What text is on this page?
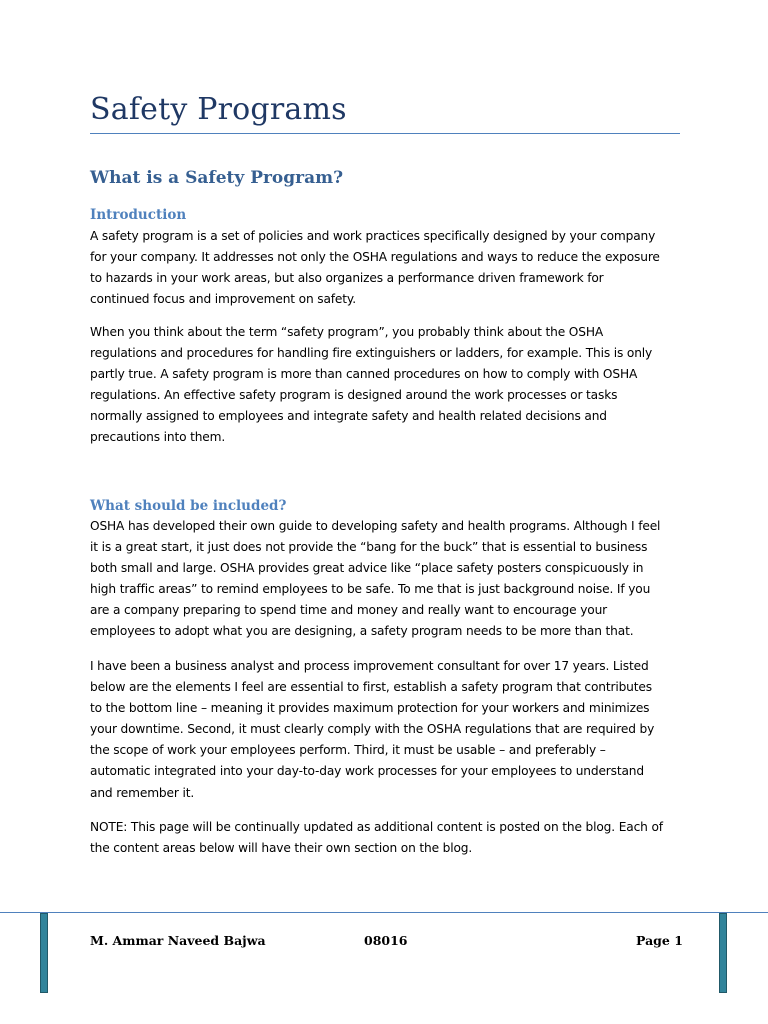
Safety Programs
What is a Safety Program?
Introduction

A safety program is a set of policies and work practices specifically designed by your company
for your company. It addresses not only the OSHA regulations and ways to reduce the exposure
to hazards in your work areas, but also organizes a performance driven framework for
continued focus and improvement on safety.

When you think about the term “safety program”, you probably think about the OSHA
regulations and procedures for handling fire extinguishers or ladders, for example. This is only
partly true. A safety program is more than canned procedures on how to comply with OSHA
regulations. An effective safety program is designed around the work processes or tasks
normally assigned to employees and integrate safety and health related decisions and
precautions into them.

What should be included?

OSHA has developed their own guide to developing safety and health programs. Although I feel
it is a great start, it just does not provide the “bang for the buck” that is essential to business
both small and large. OSHA provides great advice like “place safety posters conspicuously in
high traffic areas” to remind employees to be safe. To me that is just background noise. If you
are a company preparing to spend time and money and really want to encourage your
employees to adopt what you are designing, a safety program needs to be more than that.

I have been a business analyst and process improvement consultant for over 17 years. Listed
below are the elements I feel are essential to first, establish a safety program that contributes
to the bottom line – meaning it provides maximum protection for your workers and minimizes
your downtime. Second, it must clearly comply with the OSHA regulations that are required by
the scope of work your employees perform. Third, it must be usable – and preferably –
automatic integrated into your day-to-day work processes for your employees to understand
and remember it.

NOTE: This page will be continually updated as additional content is posted on the blog. Each of
the content areas below will have their own section on the blog.

M. Ammar Naveed Bajwa	08016	Page 1
